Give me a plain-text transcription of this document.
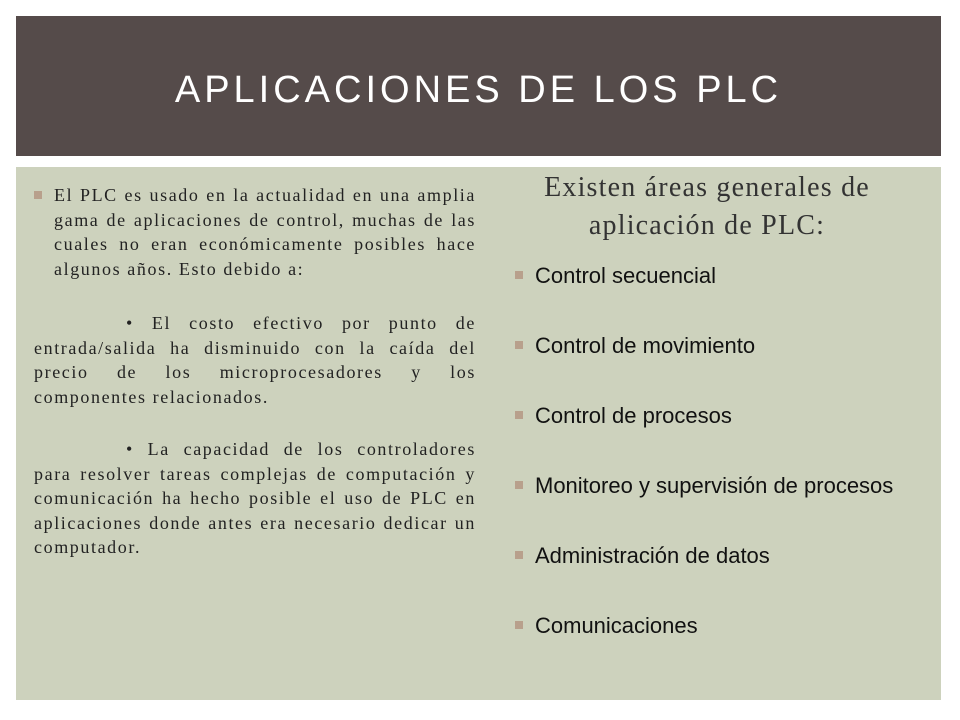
APLICACIONES DE LOS PLC
El PLC es usado en la actualidad en una amplia gama de aplicaciones de control, muchas de las cuales no eran económicamente posibles hace algunos años. Esto debido a:
• El costo efectivo por punto de entrada/salida ha disminuido con la caída del precio de los microprocesadores y los componentes relacionados.
• La capacidad de los controladores para resolver tareas complejas de computación y comunicación ha hecho posible el uso de PLC en aplicaciones donde antes era necesario dedicar un computador.
Existen áreas generales de aplicación de PLC:
Control secuencial
Control de movimiento
Control de procesos
Monitoreo y supervisión de procesos
Administración de datos
Comunicaciones
